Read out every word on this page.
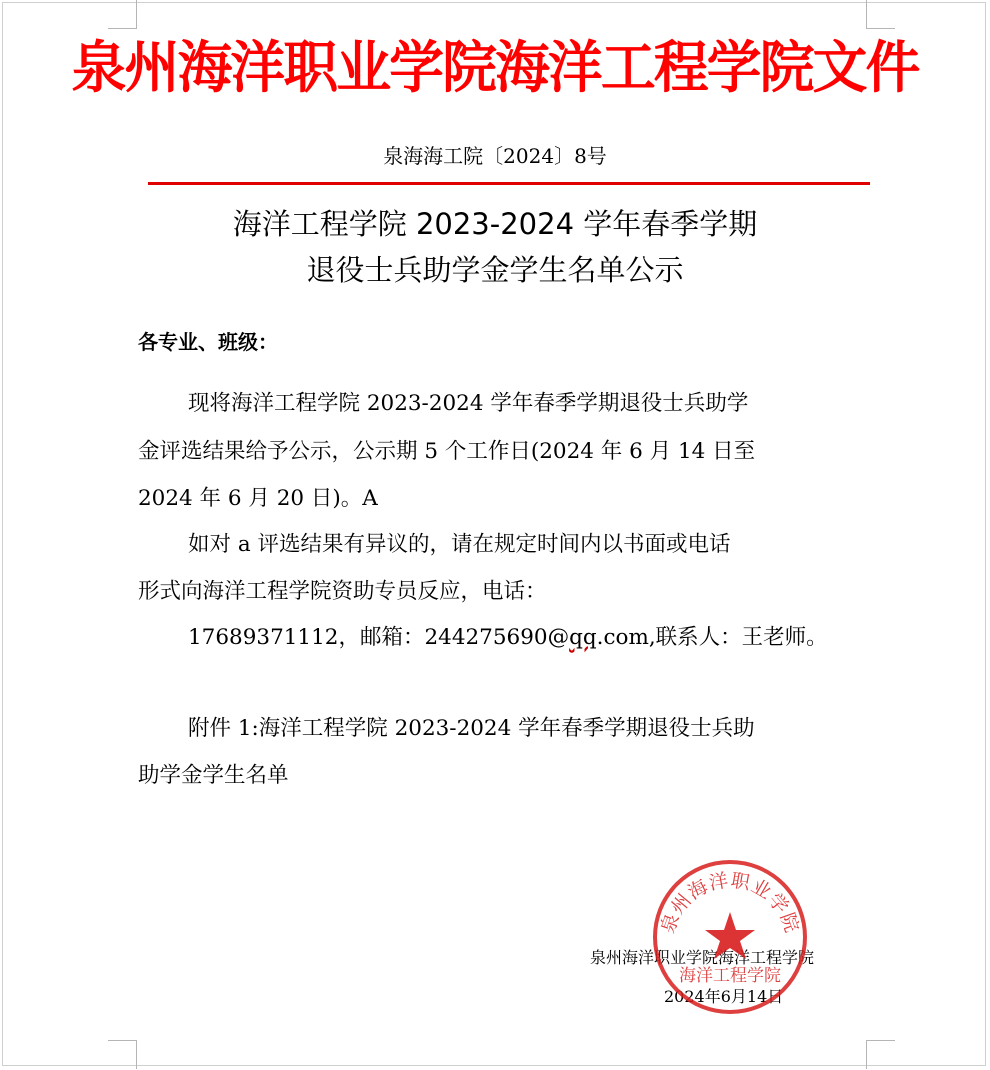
泉州海洋职业学院海洋工程学院文件
泉海海工院〔2024〕8号
海洋工程学院 2023-2024 学年春季学期
退役士兵助学金学生名单公示
各专业、班级：
现将海洋工程学院 2023-2024 学年春季学期退役士兵助学
金评选结果给予公示，公示期 5 个工作日(2024 年 6 月 14 日至
2024 年 6 月 20 日)。A
如对 a 评选结果有异议的，请在规定时间内以书面或电话
形式向海洋工程学院资助专员反应，电话：
17689371112，邮箱：244275690@qq.com,联系人：王老师。
附件 1:海洋工程学院 2023-2024 学年春季学期退役士兵助
助学金学生名单
泉州海洋职业学院海洋工程学院
2024年6月14日
泉州海洋职业学院
海洋工程学院
